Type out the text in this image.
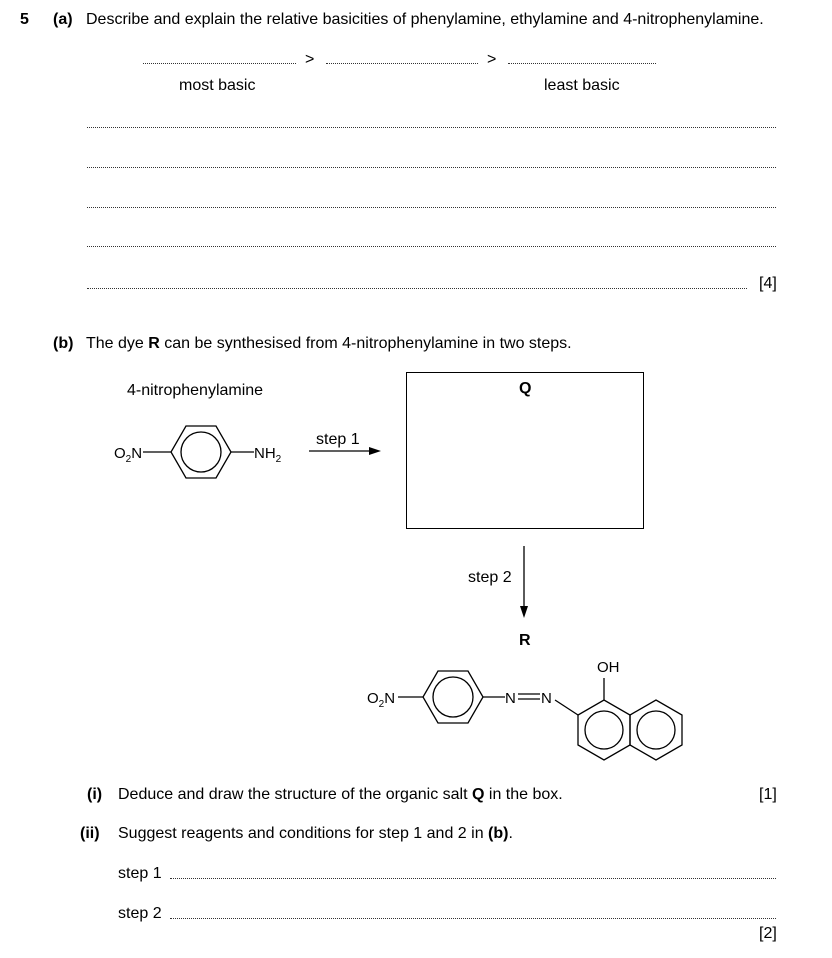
5 (a) Describe and explain the relative basicities of phenylamine, ethylamine and 4-nitrophenylamine.
>	>
most basic	least basic
[4]
(b) The dye R can be synthesised from 4-nitrophenylamine in two steps.
4-nitrophenylamine
$O_2N$	$NH_2$
step 1
Q
step 2
R
$O_2N$	N N
OH
(i) Deduce and draw the structure of the organic salt Q in the box.	[1]
(ii) Suggest reagents and conditions for step 1 and 2 in (b).
step 1
step 2
[2]
